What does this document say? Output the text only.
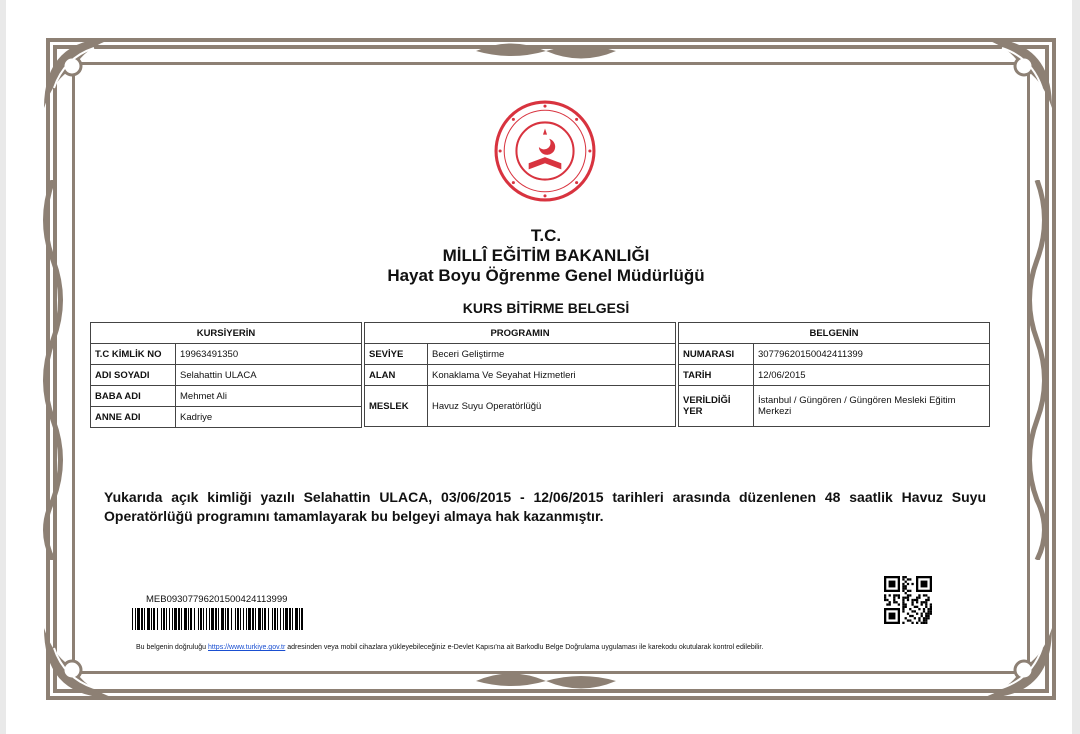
T.C.
MİLLÎ EĞİTİM BAKANLIĞI
Hayat Boyu Öğrenme Genel Müdürlüğü
KURS BİTİRME BELGESİ
KURSİYERİN	
T.C KİMLİK NO	19963491350
ADI SOYADI	Selahattin ULACA
BABA ADI	Mehmet Ali
ANNE ADI	Kadriye
PROGRAMIN	
SEVİYE	Beceri Geliştirme
ALAN	Konaklama Ve Seyahat Hizmetleri
MESLEK	Havuz Suyu Operatörlüğü
BELGENİN	
NUMARASI	30779620150042411399
TARİH	12/06/2015
VERİLDİĞİ YER	İstanbul / Güngören / Güngören Mesleki Eğitim Merkezi
Yukarıda açık kimliği yazılı Selahattin ULACA, 03/06/2015 - 12/06/2015 tarihleri arasında düzenlenen 48 saatlik Havuz Suyu Operatörlüğü programını tamamlayarak bu belgeyi almaya hak kazanmıştır.
MEB09307796201500424113999
Bu belgenin doğruluğu https://www.turkiye.gov.tr adresinden veya mobil cihazlara yükleyebileceğiniz e-Devlet Kapısı'na ait Barkodlu Belge Doğrulama uygulaması ile karekodu okutularak kontrol edilebilir.
